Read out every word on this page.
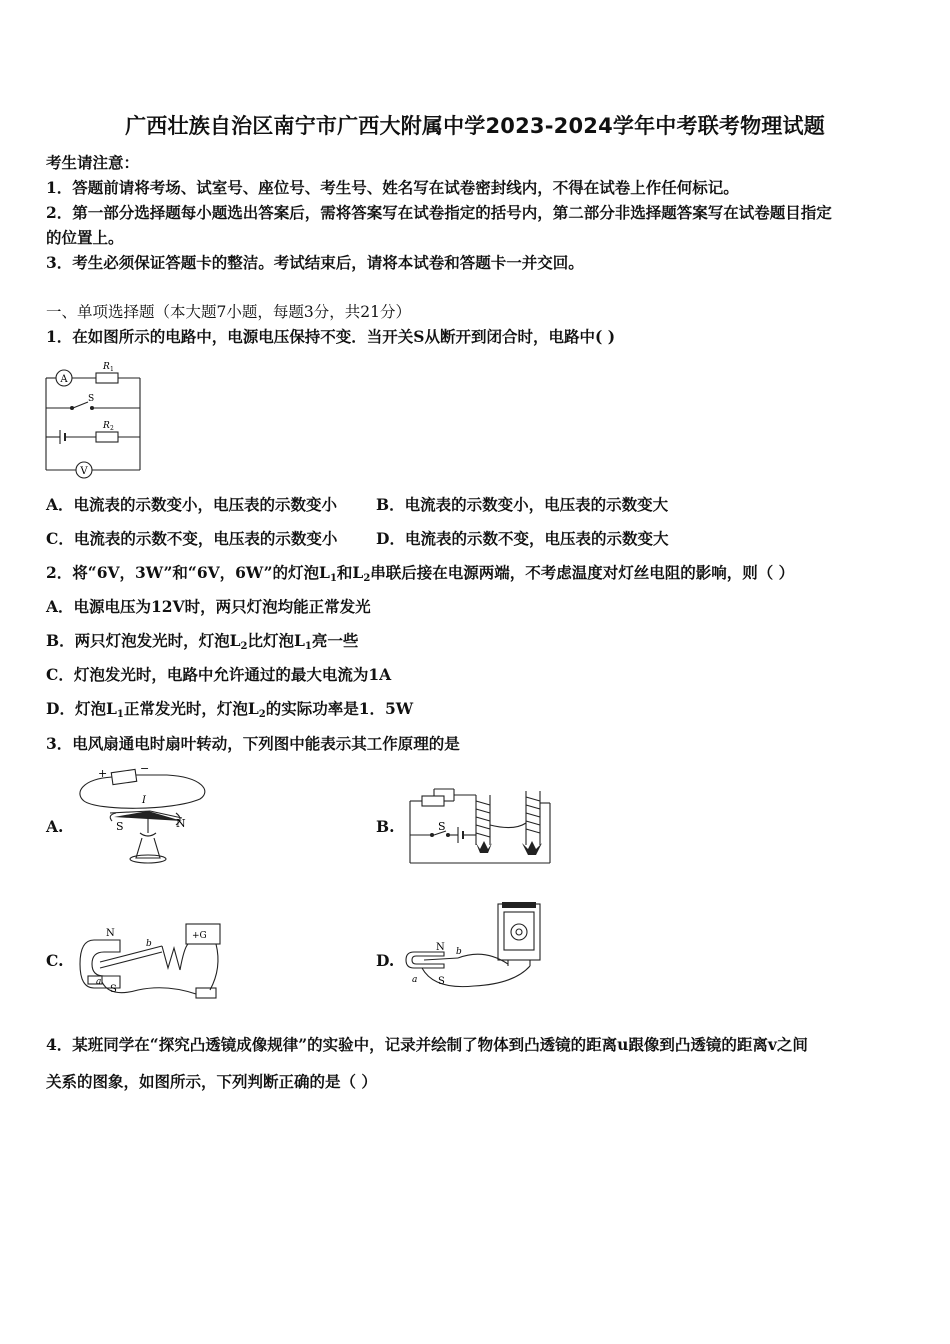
广西壮族自治区南宁市广西大附属中学2023-2024学年中考联考物理试题
考生请注意：
1．答题前请将考场、试室号、座位号、考生号、姓名写在试卷密封线内，不得在试卷上作任何标记。
2．第一部分选择题每小题选出答案后，需将答案写在试卷指定的括号内，第二部分非选择题答案写在试卷题目指定
的位置上。
3．考生必须保证答题卡的整洁。考试结束后，请将本试卷和答题卡一并交回。
一、单项选择题（本大题7小题，每题3分，共21分）
1．在如图所示的电路中，电源电压保持不变．当开关S从断开到闭合时，电路中( )
A
R 1
S
R 2
V
A．电流表的示数变小，电压表的示数变小	B．电流表的示数变小，电压表的示数变大
C．电流表的示数不变，电压表的示数变小 D．电流表的示数不变，电压表的示数变大
2．将“6V，3W”和“6V，6W”的灯泡$L_1$和$L_2$串联后接在电源两端，不考虑温度对灯丝电阻的影响，则（ ）
A．电源电压为12V时，两只灯泡均能正常发光
B．两只灯泡发光时，灯泡$L_2$比灯泡$L_1$亮一些
C．灯泡发光时，电路中允许通过的最大电流为1A
D．灯泡$L_1$正常发光时，灯泡$L_2$的实际功率是1．5W
3．电风扇通电时扇叶转动，下列图中能表示其工作原理的是
A.
+	−
I
S	N	B.	S
C.
N
b
a
S
+G
D.
N b
a S
4．某班同学在“探究凸透镜成像规律”的实验中，记录并绘制了物体到凸透镜的距离u跟像到凸透镜的距离v之间
关系的图象，如图所示，下列判断正确的是（ ）
